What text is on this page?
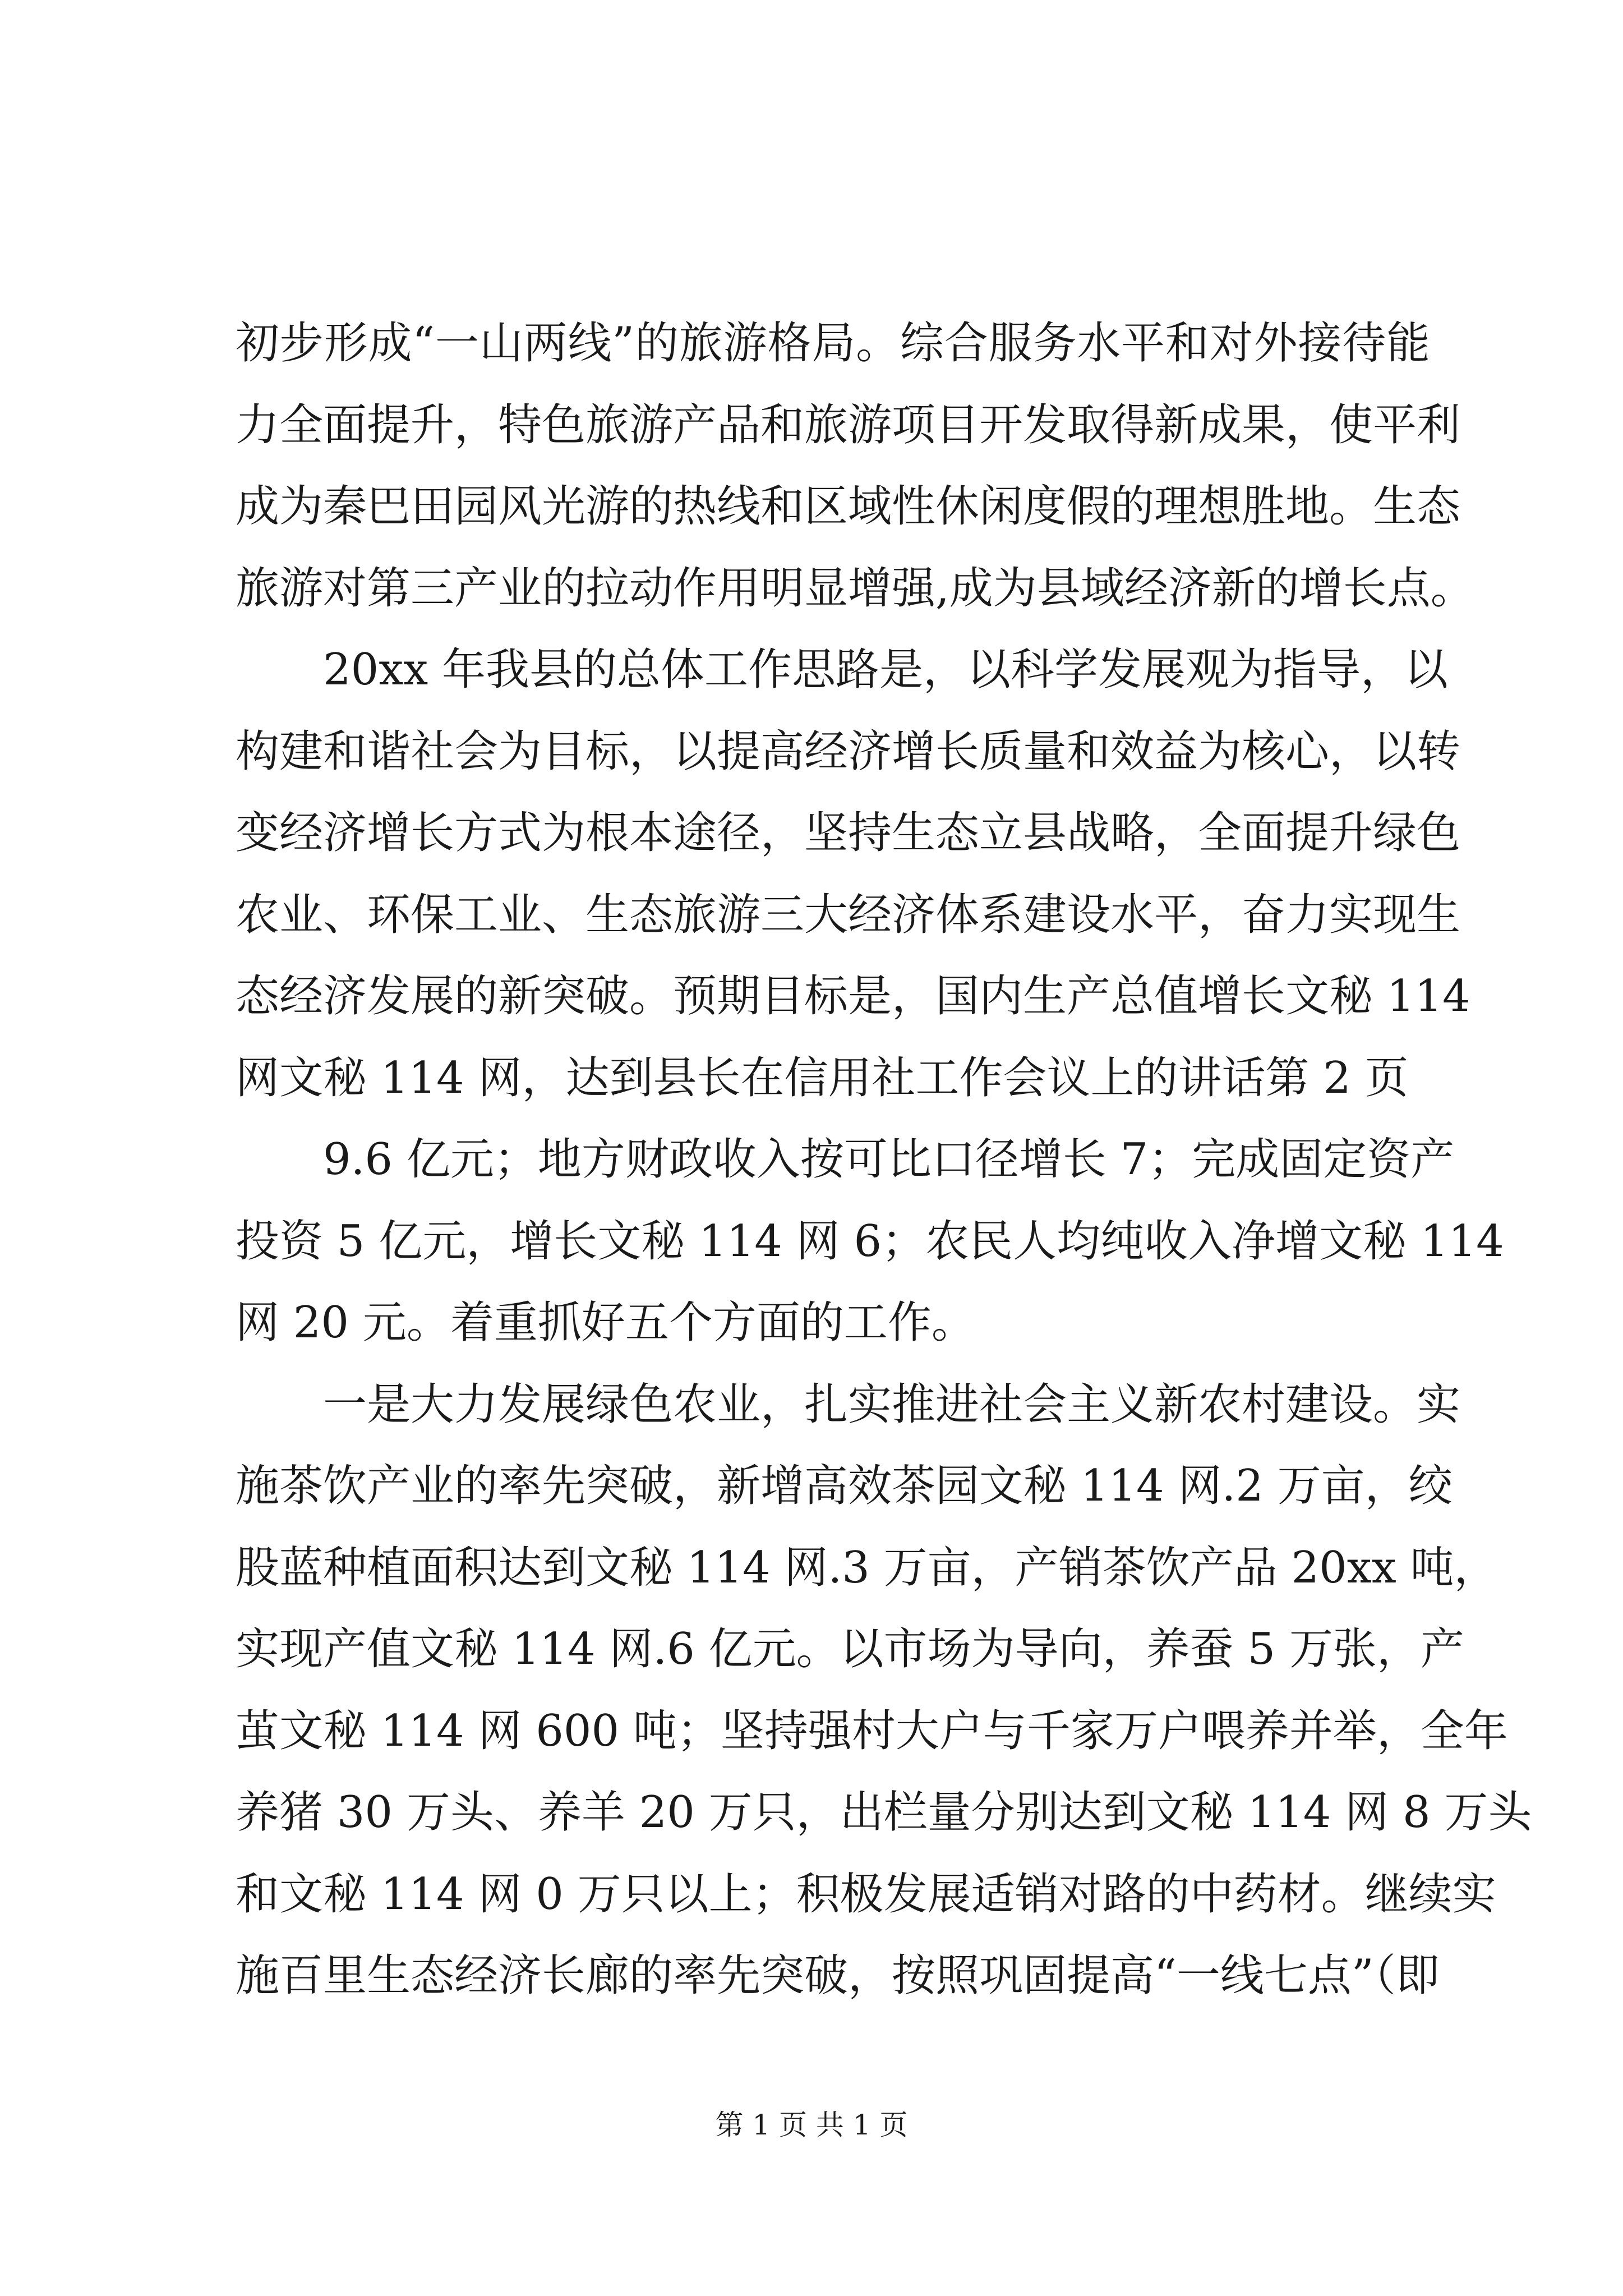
初步形成“一山两线”的旅游格局。综合服务水平和对外接待能
力全面提升，特色旅游产品和旅游项目开发取得新成果，使平利
成为秦巴田园风光游的热线和区域性休闲度假的理想胜地。生态
旅游对第三产业的拉动作用明显增强,成为县域经济新的增长点。
20xx 年我县的总体工作思路是，以科学发展观为指导，以
构建和谐社会为目标，以提高经济增长质量和效益为核心，以转
变经济增长方式为根本途径，坚持生态立县战略，全面提升绿色
农业、环保工业、生态旅游三大经济体系建设水平，奋力实现生
态经济发展的新突破。预期目标是，国内生产总值增长文秘 114
网文秘 114 网，达到县长在信用社工作会议上的讲话第 2 页
9.6 亿元；地方财政收入按可比口径增长 7；完成固定资产
投资 5 亿元，增长文秘 114 网 6；农民人均纯收入净增文秘 114
网 20 元。着重抓好五个方面的工作。
一是大力发展绿色农业，扎实推进社会主义新农村建设。实
施茶饮产业的率先突破，新增高效茶园文秘 114 网.2 万亩，绞
股蓝种植面积达到文秘 114 网.3 万亩，产销茶饮产品 20xx 吨，
实现产值文秘 114 网.6 亿元。以市场为导向，养蚕 5 万张，产
茧文秘 114 网 600 吨；坚持强村大户与千家万户喂养并举，全年
养猪 30 万头、养羊 20 万只，出栏量分别达到文秘 114 网 8 万头
和文秘 114 网 0 万只以上；积极发展适销对路的中药材。继续实
施百里生态经济长廊的率先突破，按照巩固提高“一线七点”（即
第 1 页 共 1 页
